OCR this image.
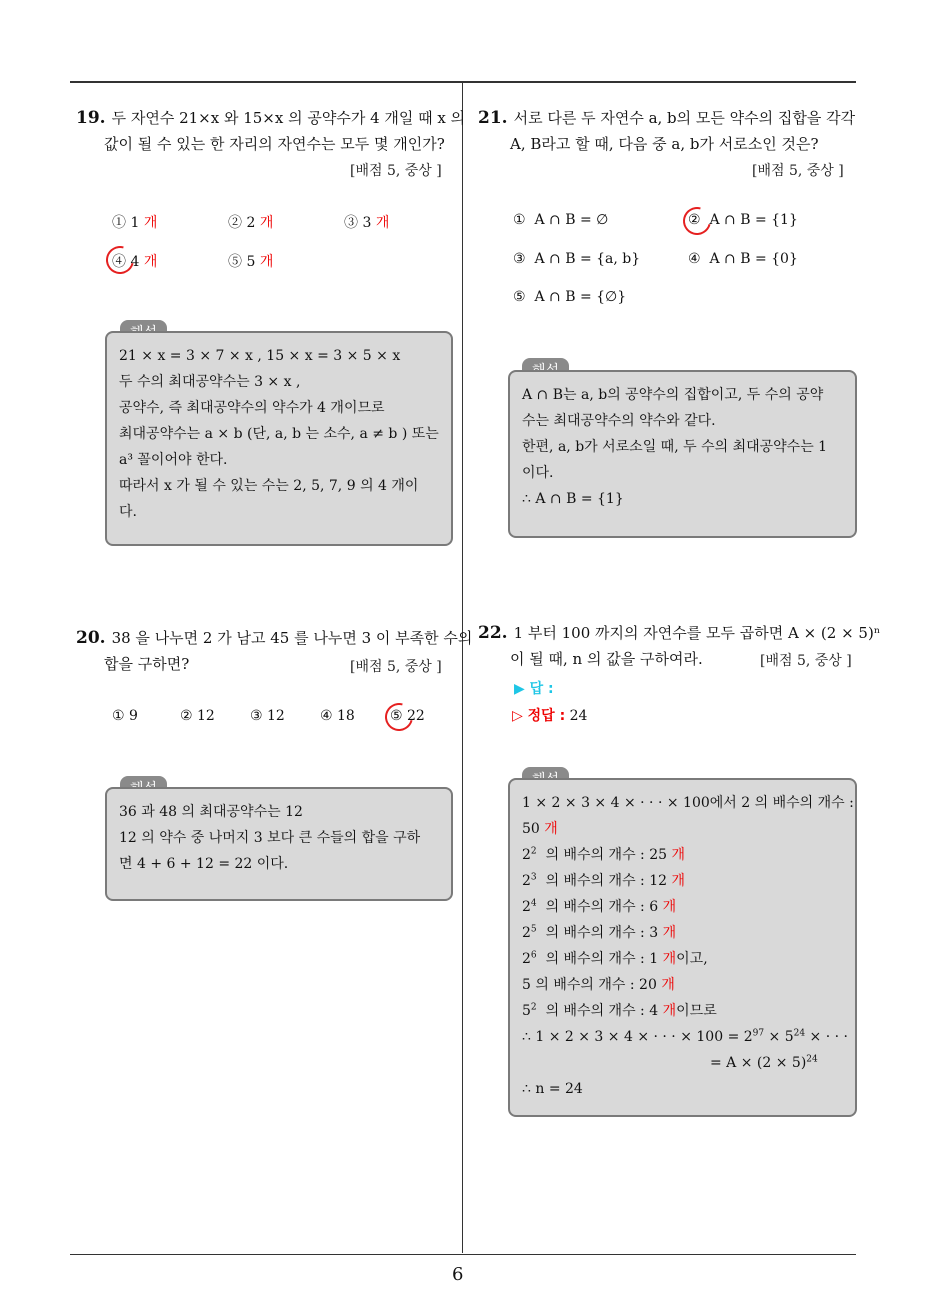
6
19. 두 자연수 21×x 와 15×x 의 공약수가 4 개일 때 x 의
값이 될 수 있는 한 자리의 자연수는 모두 몇 개인가?
[배점 5, 중상 ]
① 1 개	② 2 개	③ 3 개
④ 4 개	⑤ 5 개
21 × x = 3 × 7 × x , 15 × x = 3 × 5 × x
두 수의 최대공약수는 3 × x ,
공약수, 즉 최대공약수의 약수가 4 개이므로
최대공약수는 a × b (단, a, b 는 소수, a ≠ b ) 또는
a³ 꼴이어야 한다.
따라서 x 가 될 수 있는 수는 2, 5, 7, 9 의 4 개이
다.
20. 38 을 나누면 2 가 남고 45 를 나누면 3 이 부족한 수의
합을 구하면?	[배점 5, 중상 ]
① 9	② 12	③ 12	④ 18	⑤ 22
36 과 48 의 최대공약수는 12
12 의 약수 중 나머지 3 보다 큰 수들의 합을 구하
면 4 + 6 + 12 = 22 이다.
21. 서로 다른 두 자연수 a, b의 모든 약수의 집합을 각각
A, B라고 할 때, 다음 중 a, b가 서로소인 것은?
[배점 5, 중상 ]
① A ∩ B = ∅	② A ∩ B = {1}
③ A ∩ B = {a, b}	④ A ∩ B = {0}
⑤ A ∩ B = {∅}
A ∩ B는 a, b의 공약수의 집합이고, 두 수의 공약
수는 최대공약수의 약수와 같다.
한편, a, b가 서로소일 때, 두 수의 최대공약수는 1
이다.
∴ A ∩ B = {1}
22. 1 부터 100 까지의 자연수를 모두 곱하면 A × (2 × 5)ⁿ
이 될 때, n 의 값을 구하여라.	[배점 5, 중상 ]
▶ 답 :
▷ 정답 : 24
1 × 2 × 3 × 4 × · · · × 100에서 2 의 배수의 개수 :
50 개
$2^2$ 의 배수의 개수 : 25 개
$2^3$ 의 배수의 개수 : 12 개
$2^4$ 의 배수의 개수 : 6 개
$2^5$ 의 배수의 개수 : 3 개
$2^6$ 의 배수의 개수 : 1 개이고,
5 의 배수의 개수 : 20 개
$5^2$ 의 배수의 개수 : 4 개이므로
∴ 1 × 2 × 3 × 4 × · · · × $100 = 2^{97} \times 5^{24}$ × · · ·
= $A \times (2 \times 5)^{24}$
∴ n = 24
